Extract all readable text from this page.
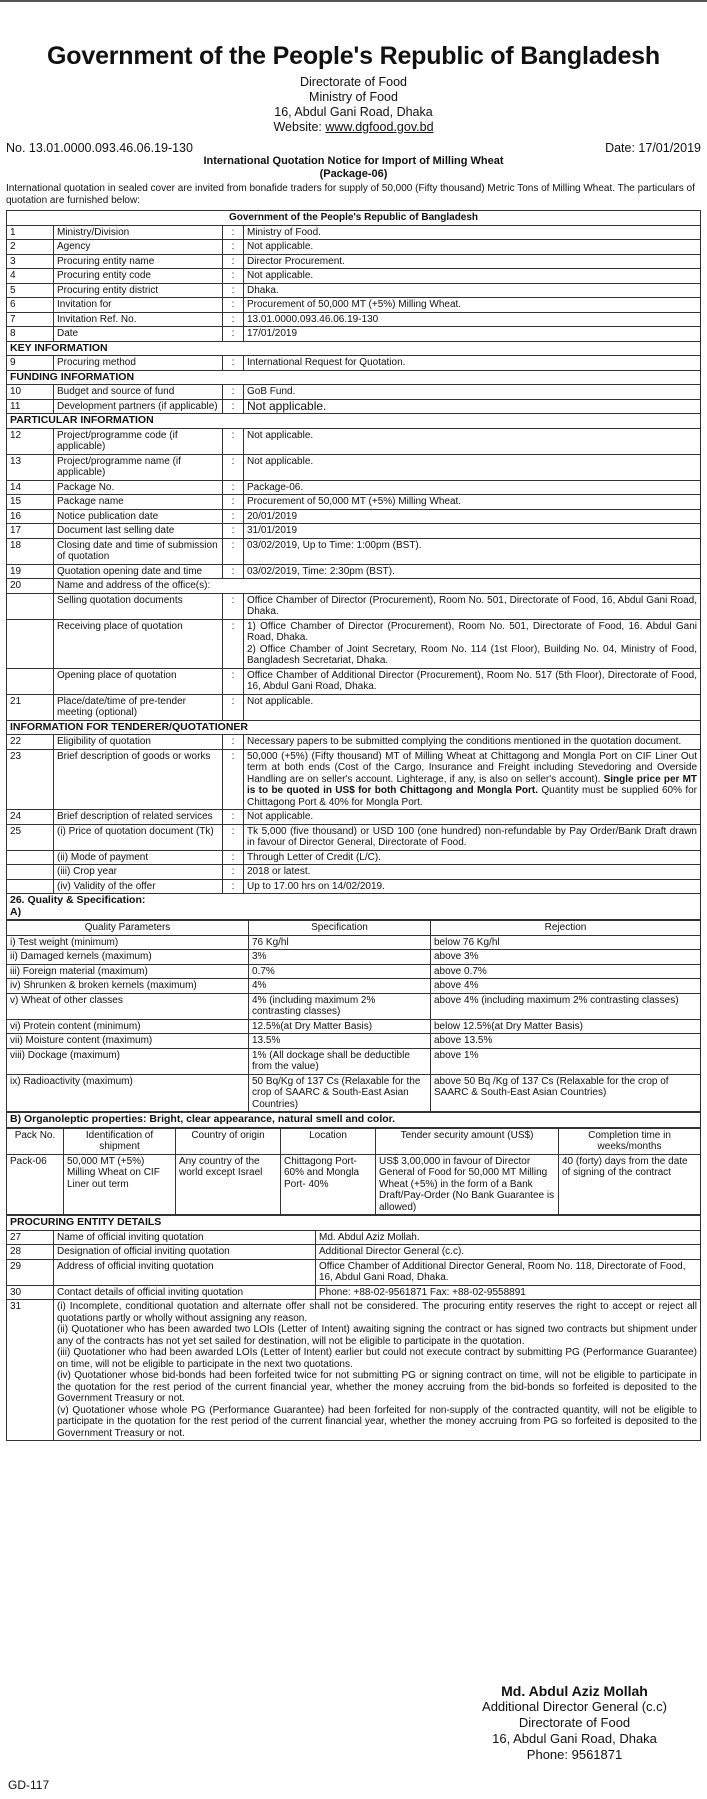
Government of the People's Republic of Bangladesh
Directorate of Food
Ministry of Food
16, Abdul Gani Road, Dhaka
Website: www.dgfood.gov.bd
No. 13.01.0000.093.46.06.19-130	Date: 17/01/2019
International Quotation Notice for Import of Milling Wheat
(Package-06)
International quotation in sealed cover are invited from bonafide traders for supply of 50,000 (Fifty thousand) Metric Tons of Milling Wheat. The particulars of quotation are furnished below:
Government of the People's Republic of Bangladesh			
1	Ministry/Division	:	Ministry of Food.
2	Agency	:	Not applicable.
3	Procuring entity name	:	Director Procurement.
4	Procuring entity code	:	Not applicable.
5	Procuring entity district	:	Dhaka.
6	Invitation for	:	Procurement of 50,000 MT (+5%) Milling Wheat.
7	Invitation Ref. No.	:	13.01.0000.093.46.06.19-130
8	Date	:	17/01/2019
KEY INFORMATION			
9	Procuring method	:	International Request for Quotation.
FUNDING INFORMATION			
10	Budget and source of fund	:	GoB Fund.
11	Development partners (if applicable)	:	Not applicable.
PARTICULAR INFORMATION			
12	Project/programme code (if applicable)	:	Not applicable.
13	Project/programme name (if applicable)	:	Not applicable.
14	Package No.	:	Package-06.
15	Package name	:	Procurement of 50,000 MT (+5%) Milling Wheat.
16	Notice publication date	:	20/01/2019
17	Document last selling date	:	31/01/2019
18	Closing date and time of submission of quotation	:	03/02/2019, Up to Time: 1:00pm (BST).
19	Quotation opening date and time	:	03/02/2019, Time: 2:30pm (BST).
20	Name and address of the office(s):		
	Selling quotation documents	:	Office Chamber of Director (Procurement), Room No. 501, Directorate of Food, 16, Abdul Gani Road, Dhaka.
	Receiving place of quotation	:	1) Office Chamber of Director (Procurement), Room No. 501, Directorate of Food, 16. Abdul Gani Road, Dhaka.
2) Office Chamber of Joint Secretary, Room No. 114 (1st Floor), Building No. 04, Ministry of Food, Bangladesh Secretariat, Dhaka.

	Opening place of quotation	:	Office Chamber of Additional Director (Procurement), Room No. 517 (5th Floor), Directorate of Food, 16, Abdul Gani Road, Dhaka.
21	Place/date/time of pre-tender meeting (optional)	:	Not applicable.
INFORMATION FOR TENDERER/QUOTATIONER			
22	Eligibility of quotation	:	Necessary papers to be submitted complying the conditions mentioned in the quotation document.
23	Brief description of goods or works	:	50,000 (+5%) (Fifty thousand) MT of Milling Wheat at Chittagong and Mongla Port on CIF Liner Out term at both ends (Cost of the Cargo, Insurance and Freight including Stevedoring and Overside Handling are on seller's account. Lighterage, if any, is also on seller's account). Single price per MT is to be quoted in US$ for both Chittagong and Mongla Port. Quantity must be supplied 60% for Chittagong Port & 40% for Mongla Port.
24	Brief description of related services	:	Not applicable.
25	(i) Price of quotation document (Tk)	:	Tk 5,000 (five thousand) or USD 100 (one hundred) non-refundable by Pay Order/Bank Draft drawn in favour of Director General, Directorate of Food.
	(ii) Mode of payment	:	Through Letter of Credit (L/C).
	(iii) Crop year	:	2018 or latest.
	(iv) Validity of the offer	:	Up to 17.00 hrs on 14/02/2019.

26. Quality & Specification:
A)			
Quality Parameters	Specification	Rejection
i) Test weight (minimum)	76 Kg/hl	below 76 Kg/hl
ii) Damaged kernels (maximum)	3%	above 3%
iii) Foreign material (maximum)	0.7%	above 0.7%
iv) Shrunken & broken kernels (maximum)	4%	above 4%
v) Wheat of other classes	4% (including maximum 2% contrasting classes)	above 4% (including maximum 2% contrasting classes)
vi) Protein content (minimum)	12.5%(at Dry Matter Basis)	below 12.5%(at Dry Matter Basis)
vii) Moisture content (maximum)	13.5%	above 13.5%
viii) Dockage (maximum)	1% (All dockage shall be deductible from the value)	above 1%
ix) Radioactivity (maximum)	50 Bq/Kg of 137 Cs (Relaxable for the crop of SAARC & South-East Asian Countries)	above 50 Bq /Kg of 137 Cs (Relaxable for the crop of SAARC & South-East Asian Countries)
B) Organoleptic properties: Bright, clear appearance, natural smell and color.
Pack No.	Identification of shipment	Country of origin	Location	Tender security amount (US$)	Completion time in weeks/months
Pack-06	50,000 MT (+5%) Milling Wheat on CIF Liner out term	Any country of the world except Israel	Chittagong Port- 60% and Mongla Port- 40%	US$ 3,00,000 in favour of Director General of Food for 50,000 MT Milling Wheat (+5%) in the form of a Bank Draft/Pay-Order (No Bank Guarantee is allowed)	40 (forty) days from the date of signing of the contract
PROCURING ENTITY DETAILS		
27	Name of official inviting quotation	Md. Abdul Aziz Mollah.
28	Designation of official inviting quotation	Additional Director General (c.c).
29	Address of official inviting quotation	Office Chamber of Additional Director General, Room No. 118, Directorate of Food, 16, Abdul Gani Road, Dhaka.
30	Contact details of official inviting quotation	Phone: +88-02-9561871 Fax: +88-02-9558891
31	(i) Incomplete, conditional quotation and alternate offer shall not be considered. The procuring entity reserves the right to accept or reject all quotations partly or wholly without assigning any reason.
(ii) Quotationer who has been awarded two LOIs (Letter of Intent) awaiting signing the contract or has signed two contracts but shipment under any of the contracts has not yet set sailed for destination, will not be eligible to participate in the quotation.
(iii) Quotationer who had been awarded LOIs (Letter of Intent) earlier but could not execute contract by submitting PG (Performance Guarantee) on time, will not be eligible to participate in the next two quotations.
(iv) Quotationer whose bid-bonds had been forfeited twice for not submitting PG or signing contract on time, will not be eligible to participate in the quotation for the rest period of the current financial year, whether the money accruing from the bid-bonds so forfeited is deposited to the Government Treasury or not.
(v) Quotationer whose whole PG (Performance Guarantee) had been forfeited for non-supply of the contracted quantity, will not be eligible to participate in the quotation for the rest period of the current financial year, whether the money accruing from PG so forfeited is deposited to the Government Treasury or not.	
Md. Abdul Aziz Mollah
Additional Director General (c.c)
Directorate of Food
16, Abdul Gani Road, Dhaka
Phone: 9561871
GD-117
